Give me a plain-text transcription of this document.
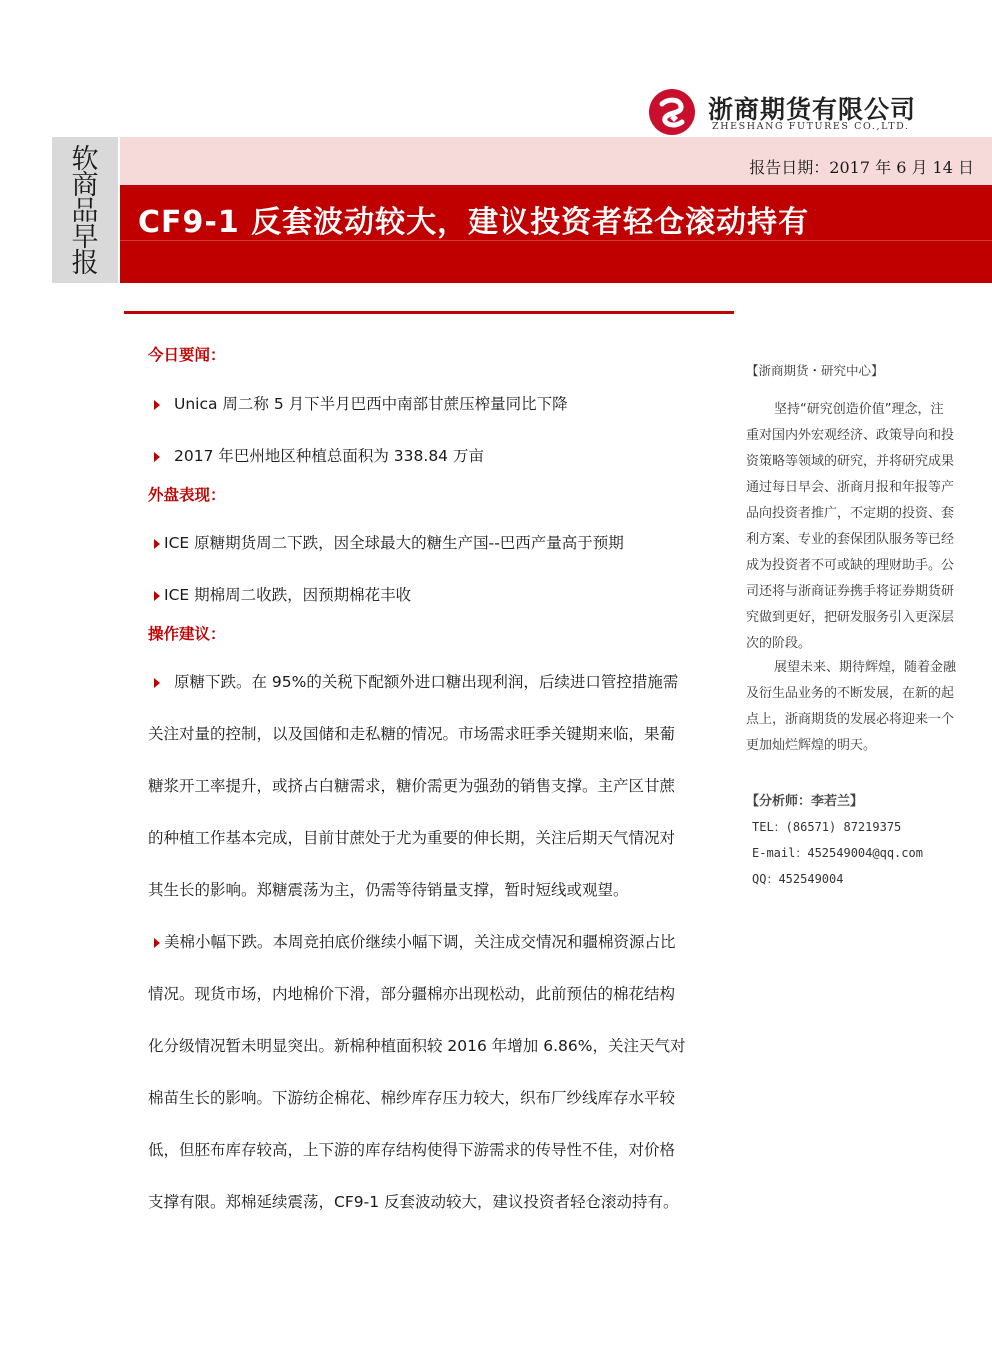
浙商期货有限公司
ZHESHANG FUTURES CO.,LTD.
软
商
品
早
报
报告日期：2017 年 6 月 14 日
CF9-1 反套波动较大，建议投资者轻仓滚动持有
今日要闻：
Unica 周二称 5 月下半月巴西中南部甘蔗压榨量同比下降
2017 年巴州地区种植总面积为 338.84 万亩
外盘表现：
ICE 原糖期货周二下跌，因全球最大的糖生产国--巴西产量高于预期
ICE 期棉周二收跌，因预期棉花丰收
操作建议：
原糖下跌。在 95%的关税下配额外进口糖出现利润，后续进口管控措施需
关注对量的控制，以及国储和走私糖的情况。市场需求旺季关键期来临，果葡
糖浆开工率提升，或挤占白糖需求，糖价需更为强劲的销售支撑。主产区甘蔗
的种植工作基本完成，目前甘蔗处于尤为重要的伸长期，关注后期天气情况对
其生长的影响。郑糖震荡为主，仍需等待销量支撑，暂时短线或观望。
美棉小幅下跌。本周竞拍底价继续小幅下调，关注成交情况和疆棉资源占比
情况。现货市场，内地棉价下滑，部分疆棉亦出现松动，此前预估的棉花结构
化分级情况暂未明显突出。新棉种植面积较 2016 年增加 6.86%，关注天气对
棉苗生长的影响。下游纺企棉花、棉纱库存压力较大，织布厂纱线库存水平较
低，但胚布库存较高，上下游的库存结构使得下游需求的传导性不佳，对价格
支撑有限。郑棉延续震荡，CF9-1 反套波动较大，建议投资者轻仓滚动持有。
【浙商期货・研究中心】
坚持“研究创造价值”理念，注
重对国内外宏观经济、政策导向和投
资策略等领域的研究，并将研究成果
通过每日早会、浙商月报和年报等产
品向投资者推广，不定期的投资、套
利方案、专业的套保团队服务等已经
成为投资者不可或缺的理财助手。公
司还将与浙商证券携手将证券期货研
究做到更好，把研发服务引入更深层
次的阶段。
展望未来、期待辉煌，随着金融
及衍生品业务的不断发展，在新的起
点上，浙商期货的发展必将迎来一个
更加灿烂辉煌的明天。
【分析师：李若兰】
TEL：(86571) 87219375
E-mail：452549004@qq.com
QQ：452549004
